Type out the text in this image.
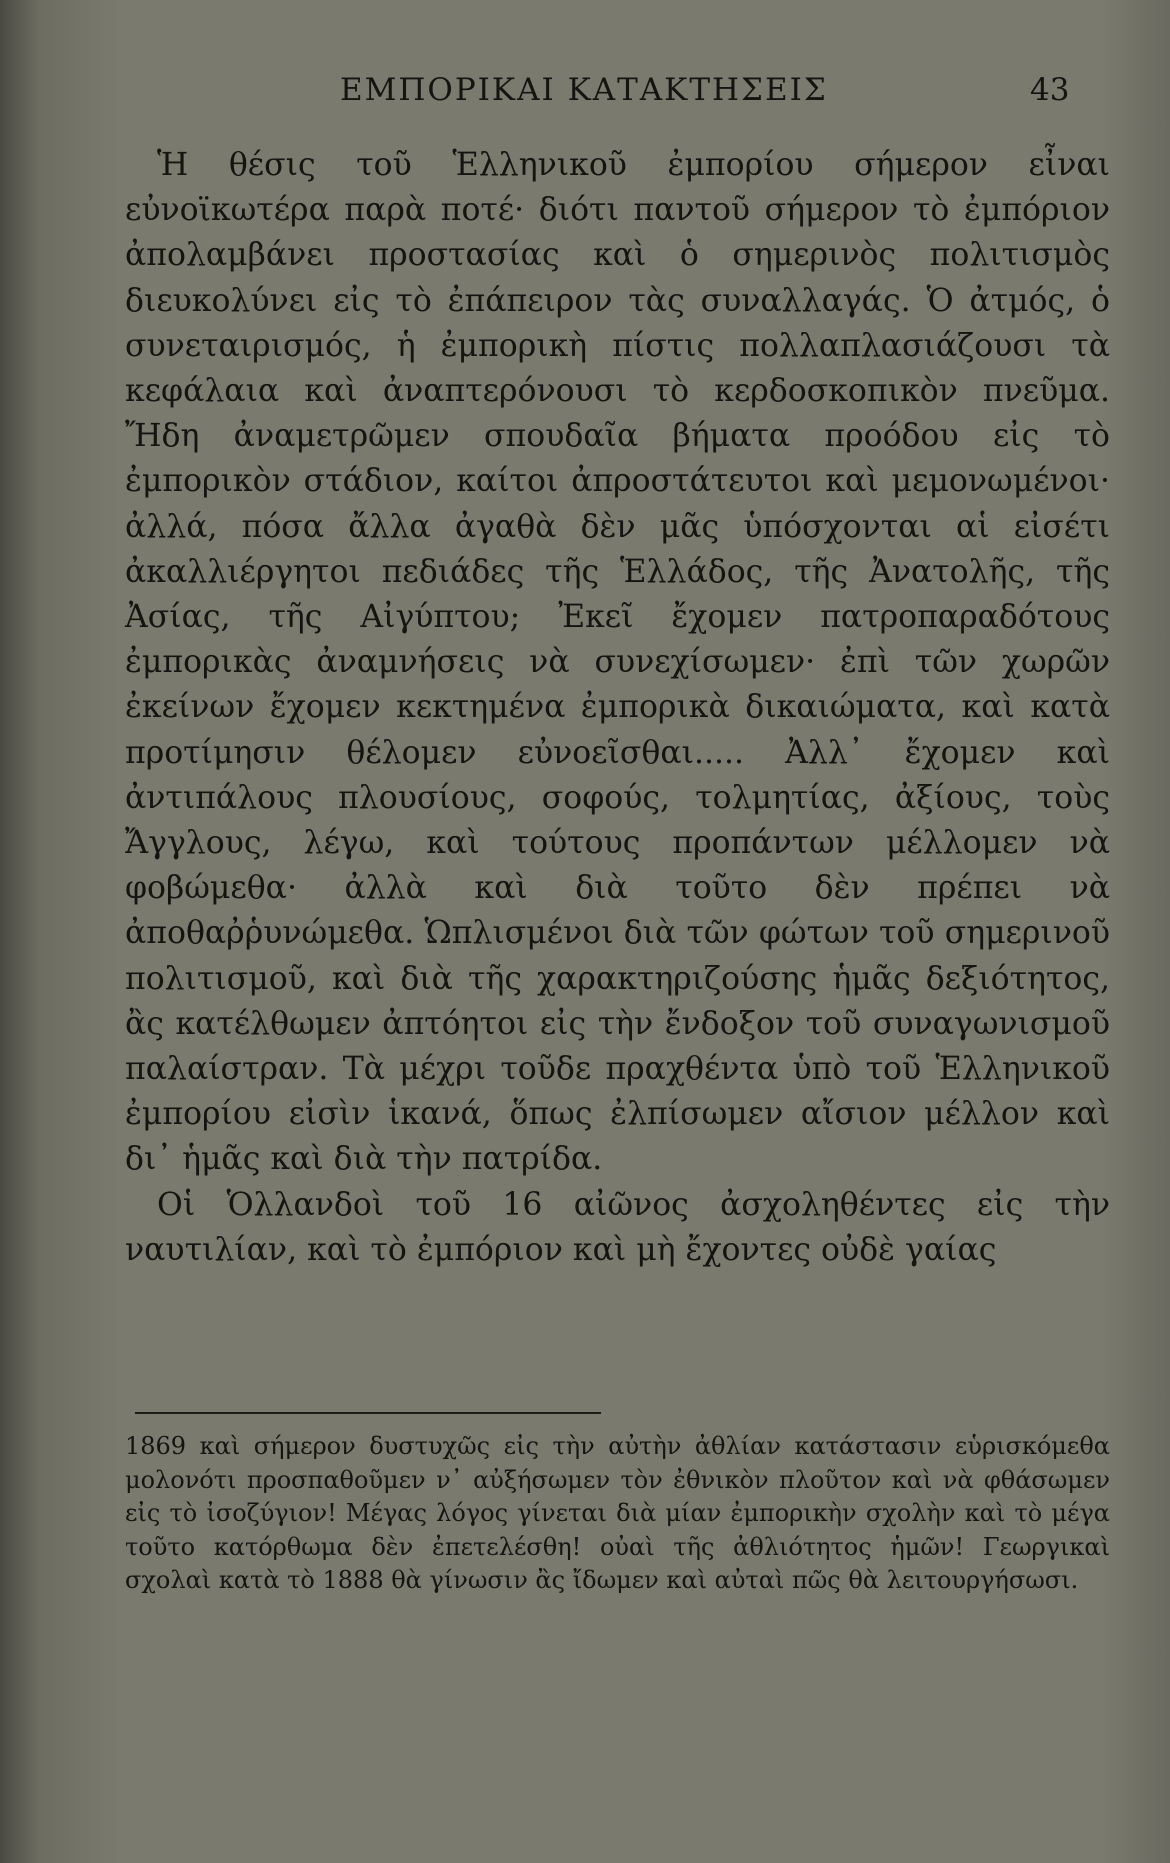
ΕΜΠΟΡΙΚΑΙ ΚΑΤΑΚΤΗΣΕΙΣ	43

Ἡ θέσις τοῦ Ἑλληνικοῦ ἐμπορίου σήμερον εἶναι εὐνοϊκωτέρα παρὰ ποτέ· διότι παντοῦ σήμερον τὸ ἐμπόριον ἀπολαμβάνει προστασίας καὶ ὁ σημερινὸς πολιτισμὸς διευκολύνει εἰς τὸ ἐπάπειρον τὰς συναλλαγάς. Ὁ ἀτμός, ὁ συνεταιρισμός, ἡ ἐμπορικὴ πίστις πολλαπλασιάζουσι τὰ κεφάλαια καὶ ἀναπτερόνουσι τὸ κερδοσκοπικὸν πνεῦμα. Ἤδη ἀναμετρῶμεν σπουδαῖα βήματα προόδου εἰς τὸ ἐμπορικὸν στάδιον, καίτοι ἀπροστάτευτοι καὶ μεμονωμένοι· ἀλλά, πόσα ἄλλα ἀγαθὰ δὲν μᾶς ὑπόσχονται αἱ εἰσέτι ἀκαλλιέργητοι πεδιάδες τῆς Ἑλλάδος, τῆς Ἀνατολῆς, τῆς Ἀσίας, τῆς Αἰγύπτου; Ἐκεῖ ἔχομεν πατροπαραδότους ἐμπορικὰς ἀναμνήσεις νὰ συνεχίσωμεν· ἐπὶ τῶν χωρῶν ἐκείνων ἔχομεν κεκτημένα ἐμπορικὰ δικαιώματα, καὶ κατὰ προτίμησιν θέλομεν εὐνοεῖσθαι..... Ἀλλ᾽ ἔχομεν καὶ ἀντιπάλους πλουσίους, σοφούς, τολμητίας, ἀξίους, τοὺς Ἄγγλους, λέγω, καὶ τούτους προπάντων μέλλομεν νὰ φοβώμεθα· ἀλλὰ καὶ διὰ τοῦτο δὲν πρέπει νὰ ἀποθαῤῥυνώμεθα. Ὡπλισμένοι διὰ τῶν φώτων τοῦ σημερινοῦ πολιτισμοῦ, καὶ διὰ τῆς χαρακτηριζούσης ἡμᾶς δεξιότητος, ἂς κατέλθωμεν ἀπτόητοι εἰς τὴν ἔνδοξον τοῦ συναγωνισμοῦ παλαίστραν. Τὰ μέχρι τοῦδε πραχθέντα ὑπὸ τοῦ Ἑλληνικοῦ ἐμπορίου εἰσὶν ἱκανά, ὅπως ἐλπίσωμεν αἴσιον μέλλον καὶ δι᾽ ἡμᾶς καὶ διὰ τὴν πατρίδα.

Οἱ Ὁλλανδοὶ τοῦ 16 αἰῶνος ἀσχοληθέντες εἰς τὴν ναυτιλίαν, καὶ τὸ ἐμπόριον καὶ μὴ ἔχοντες οὐδὲ γαίας

1869 καὶ σήμερον δυστυχῶς εἰς τὴν αὐτὴν ἀθλίαν κατάστασιν εὑρισκόμεθα μολονότι προσπαθοῦμεν ν᾽ αὐξήσωμεν τὸν ἐθνικὸν πλοῦτον καὶ νὰ φθάσωμεν εἰς τὸ ἰσοζύγιον! Μέγας λόγος γίνεται διὰ μίαν ἐμπορικὴν σχολὴν καὶ τὸ μέγα τοῦτο κατόρθωμα δὲν ἐπετελέσθη! οὐαὶ τῆς ἀθλιότητος ἡμῶν! Γεωργικαὶ σχολαὶ κατὰ τὸ 1888 θὰ γίνωσιν ἂς ἴδωμεν καὶ αὐταὶ πῶς θὰ λειτουργήσωσι.
